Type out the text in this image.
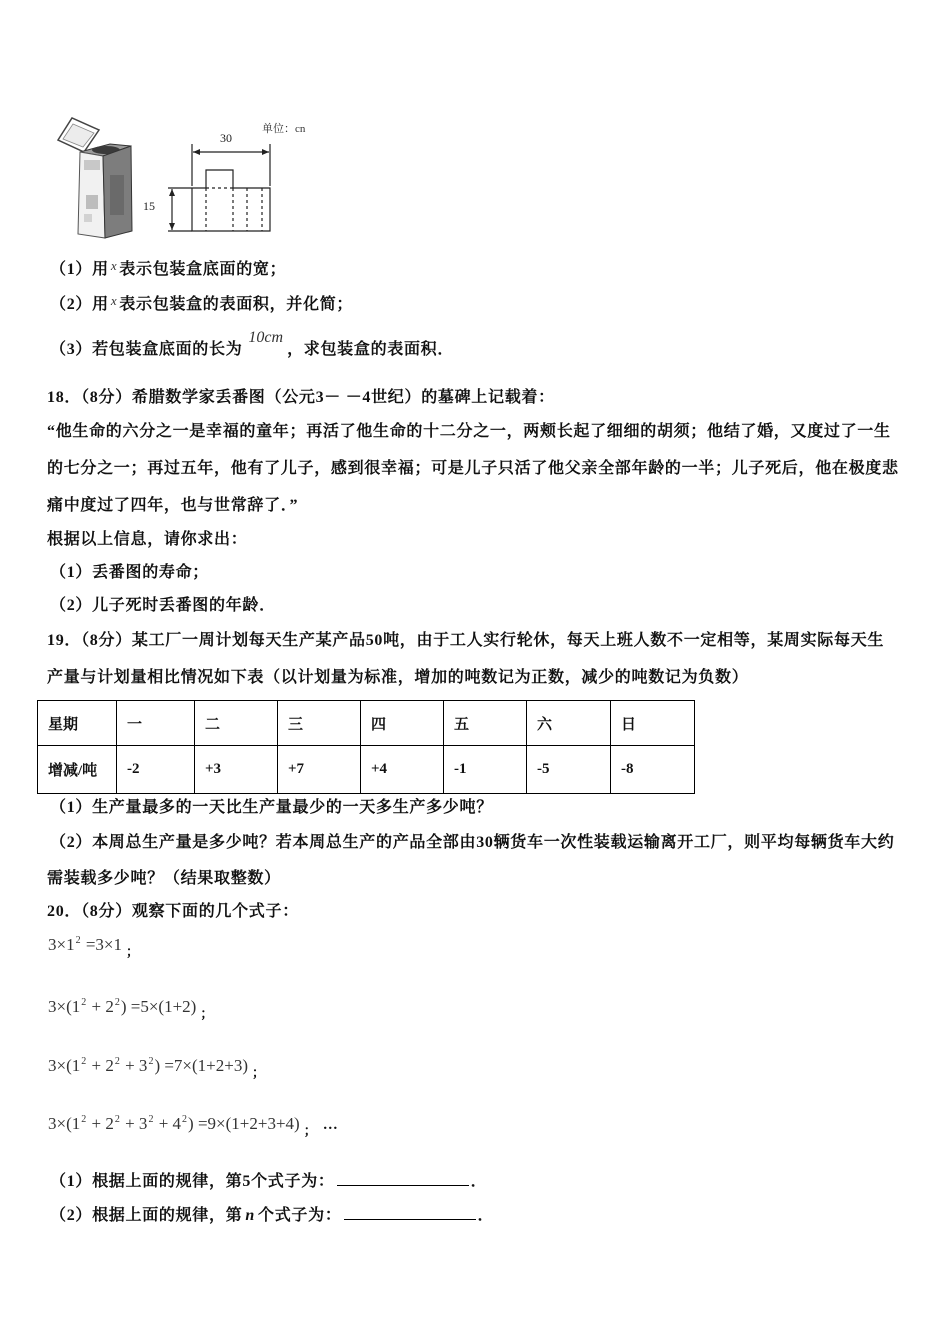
单位：cn
30
15
（1）用 $^x$ 表示包装盒底面的宽；
（2）用 $^x$ 表示包装盒的表面积，并化简；
（3）若包装盒底面的长为10cm，求包装盒的表面积．
18．（8分）希腊数学家丢番图（公元3－ －4世纪）的墓碑上记载着：
“他生命的六分之一是幸福的童年；再活了他生命的十二分之一，两颊长起了细细的胡须；他结了婚，又度过了一生
的七分之一；再过五年，他有了儿子，感到很幸福；可是儿子只活了他父亲全部年龄的一半；儿子死后，他在极度悲
痛中度过了四年，也与世常辞了．”
根据以上信息，请你求出：
（1）丢番图的寿命；
（2）儿子死时丢番图的年龄．
19．（8分）某工厂一周计划每天生产某产品50吨，由于工人实行轮休，每天上班人数不一定相等，某周实际每天生
产量与计划量相比情况如下表（以计划量为标准，增加的吨数记为正数，减少的吨数记为负数）
星期	一	二	三	四	五	六	日
增减/吨	-2	+3	+7	+4	-1	-5	-8
（1）生产量最多的一天比生产量最少的一天多生产多少吨？
（2）本周总生产量是多少吨？若本周总生产的产品全部由30辆货车一次性装载运输离开工厂，则平均每辆货车大约
需装载多少吨？（结果取整数）
20．（8分）观察下面的几个式子：
$3\times 1^2 =3\times 1$ $_;$
$3\times(1^2 + 2^2) =5\times(1+2)$ $_;$
$3\times(1^2 + 2^2 + 3^2) =7\times(1+2+3)$ $_;$
$3\times(1^2 + 2^2 + 3^2 + 4^2) =9\times(1+2+3+4)$ $_;$ …
（1）根据上面的规律，第5个式子为：	．
（2）根据上面的规律，第 n 个式子为：	．
